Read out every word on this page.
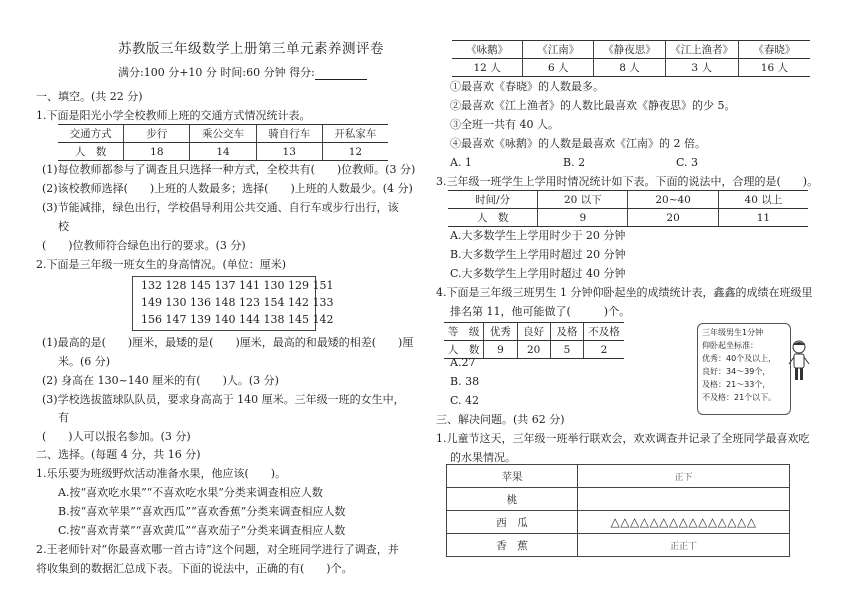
苏教版三年级数学上册第三单元素养测评卷
满分:100 分+10 分 时间:60 分钟 得分:
一、填空。(共 22 分)
1.下面是阳光小学全校教师上班的交通方式情况统计表。
交通方式	步行	乘公交车	骑自行车	开私家车
人　数	18	14	13	12
(1)每位教师都参与了调查且只选择一种方式，全校共有(　　)位教师。(3 分)
(2)该校教师选择(　　)上班的人数最多；选择(　　)上班的人数最少。(4 分)
(3)节能减排，绿色出行，学校倡导利用公共交通、自行车或步行出行，该
校
(　　)位教师符合绿色出行的要求。(3 分)
2.下面是三年级一班女生的身高情况。(单位：厘米)
132 128 145 137 141 130 129 151
149 130 136 148 123 154 142 133
156 147 139 140 144 138 145 142
(1)最高的是(　　)厘米，最矮的是(　　)厘米，最高的和最矮的相差(　　)厘
米。(6 分)
(2) 身高在 130~140 厘米的有(　　)人。(3 分)
(3)学校选拔篮球队队员，要求身高高于 140 厘米。三年级一班的女生中，
有
(　　)人可以报名参加。(3 分)
二、选择。(每题 4 分，共 16 分)
1.乐乐要为班级野炊活动准备水果，他应该(　　)。
A.按“喜欢吃水果”“不喜欢吃水果”分类来调查相应人数
B.按“喜欢苹果”“喜欢西瓜”“喜欢香蕉”分类来调查相应人数
C.按“喜欢青菜”“喜欢黄瓜”“喜欢茄子”分类来调查相应人数
2.王老师针对“你最喜欢哪一首古诗”这个问题，对全班同学进行了调查，并
将收集到的数据汇总成下表。下面的说法中，正确的有(　　)个。
《咏鹅》	《江南》	《静夜思》	《江上渔者》	《春晓》
12 人	6 人	8 人	3 人	16 人
①最喜欢《春晓》的人数最多。
②最喜欢《江上渔者》的人数比最喜欢《静夜思》的少 5。
③全班一共有 40 人。
④最喜欢《咏鹅》的人数是最喜欢《江南》的 2 倍。
A. 1	B. 2	C. 3
3.三年级一班学生上学用时情况统计如下表。下面的说法中，合理的是(　　)。
时间/分	20 以下	20~40	40 以上
人　数	9	20	11
A.大多数学生上学用时少于 20 分钟
B.大多数学生上学用时超过 20 分钟
C.大多数学生上学用时超过 40 分钟
4.下面是三年级三班男生 1 分钟仰卧起坐的成绩统计表，鑫鑫的成绩在班级里
排名第 11，他可能做了(　　　)个。
等　级	优秀	良好	及格	不及格
人　数	9	20	5	2
A.27
B. 38
C. 42
三、解决问题。(共 62 分)
1.儿童节这天，三年级一班举行联欢会，欢欢调查并记录了全班同学最喜欢吃
的水果情况。
苹果	正下
桃	
西　瓜	△△△△△△△△△△△△△△△
香　蕉	正正丅
三年级男生1分钟
仰卧起坐标准：
优秀：40个及以上，
良好：34～39个，
及格：21～33个，
不及格：21个以下。
